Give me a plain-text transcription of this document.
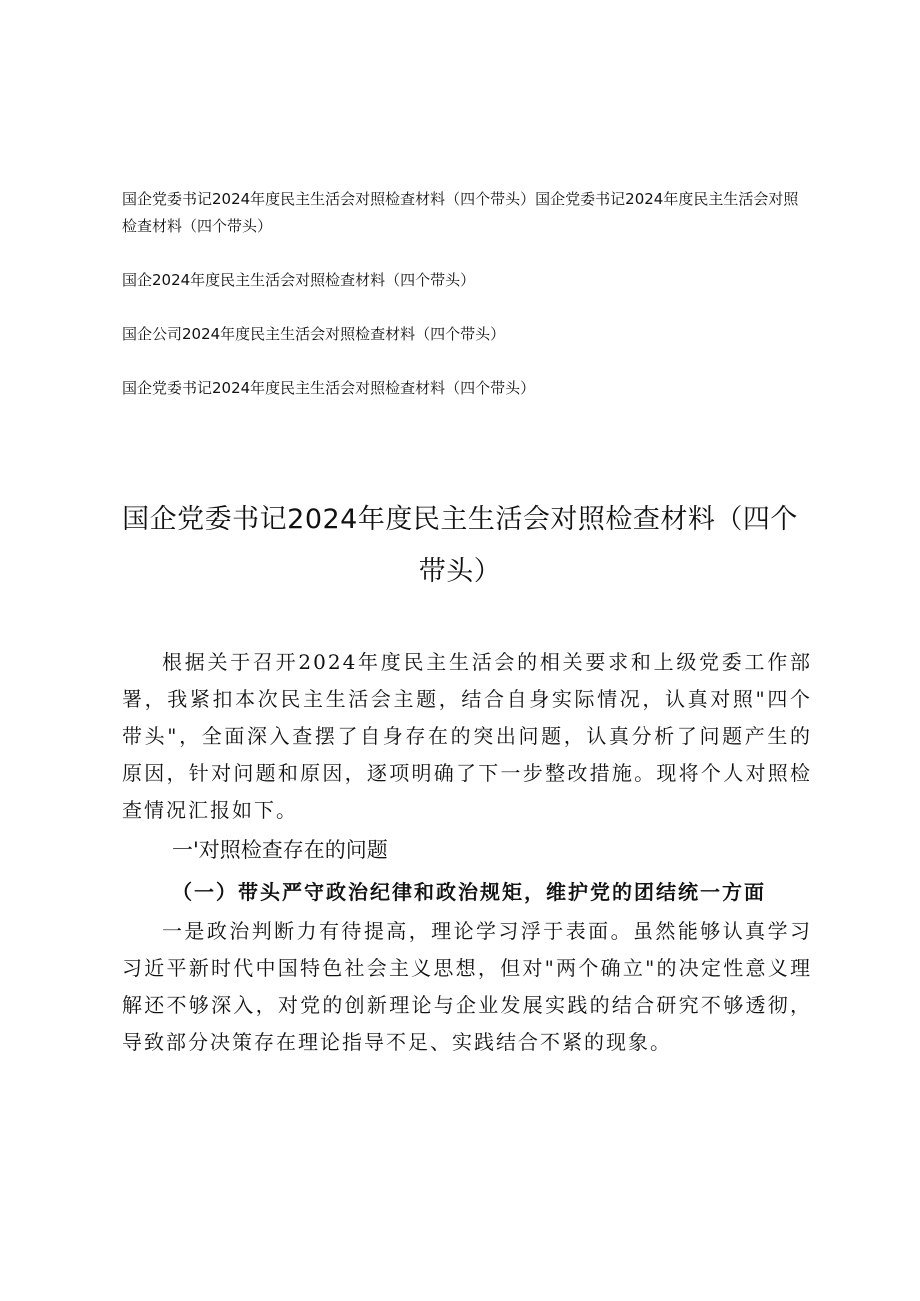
国企党委书记2024年度民主生活会对照检查材料（四个带头）国企党委书记2024年度民主生活会对照检查材料（四个带头）
国企2024年度民主生活会对照检查材料（四个带头）
国企公司2024年度民主生活会对照检查材料（四个带头）
国企党委书记2024年度民主生活会对照检查材料（四个带头）
国企党委书记2024年度民主生活会对照检查材料（四个带头）

根据关于召开2024年度民主生活会的相关要求和上级党委工作部署，我紧扣本次民主生活会主题，结合自身实际情况，认真对照"四个带头"，全面深入查摆了自身存在的突出问题，认真分析了问题产生的原因，针对问题和原因，逐项明确了下一步整改措施。现将个人对照检查情况汇报如下。

一'对照检查存在的问题

（一）带头严守政治纪律和政治规矩，维护党的团结统一方面

一是政治判断力有待提高，理论学习浮于表面。虽然能够认真学习习近平新时代中国特色社会主义思想，但对"两个确立"的决定性意义理解还不够深入，对党的创新理论与企业发展实践的结合研究不够透彻，导致部分决策存在理论指导不足、实践结合不紧的现象。
